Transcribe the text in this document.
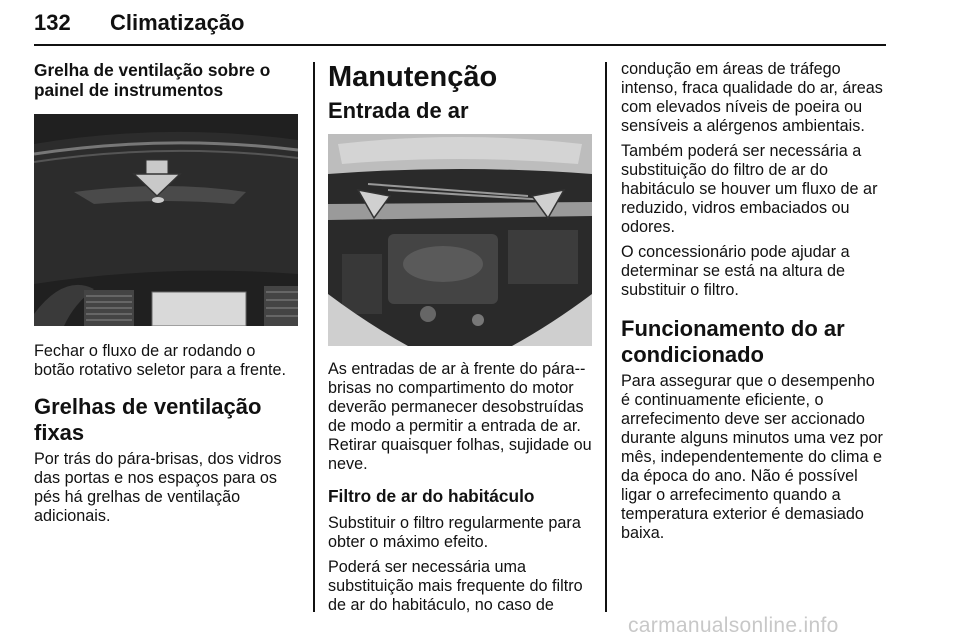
132 Climatização
Grelha de ventilação sobre o painel de instrumentos

Fechar o fluxo de ar rodando o botão rotativo seletor para a frente.

Grelhas de ventilação fixas

Por trás do pára-brisas, dos vidros das portas e nos espaços para os pés há grelhas de ventilação adicionais.

Manutenção
Entrada de ar

As entradas de ar à frente do pára--brisas no compartimento do motor deverão permanecer desobstruídas de modo a permitir a entrada de ar. Retirar quaisquer folhas, sujidade ou neve.

Filtro de ar do habitáculo

Substituir o filtro regularmente para obter o máximo efeito.

Poderá ser necessária uma substituição mais frequente do filtro de ar do habitáculo, no caso de

condução em áreas de tráfego intenso, fraca qualidade do ar, áreas com elevados níveis de poeira ou sensíveis a alérgenos ambientais.

Também poderá ser necessária a substituição do filtro de ar do habitáculo se houver um fluxo de ar reduzido, vidros embaciados ou odores.

O concessionário pode ajudar a determinar se está na altura de substituir o filtro.

Funcionamento do ar condicionado

Para assegurar que o desempenho é continuamente eficiente, o arrefecimento deve ser accionado durante alguns minutos uma vez por mês, independentemente do clima e da época do ano. Não é possível ligar o arrefecimento quando a temperatura exterior é demasiado baixa.

carmanualsonline.info
